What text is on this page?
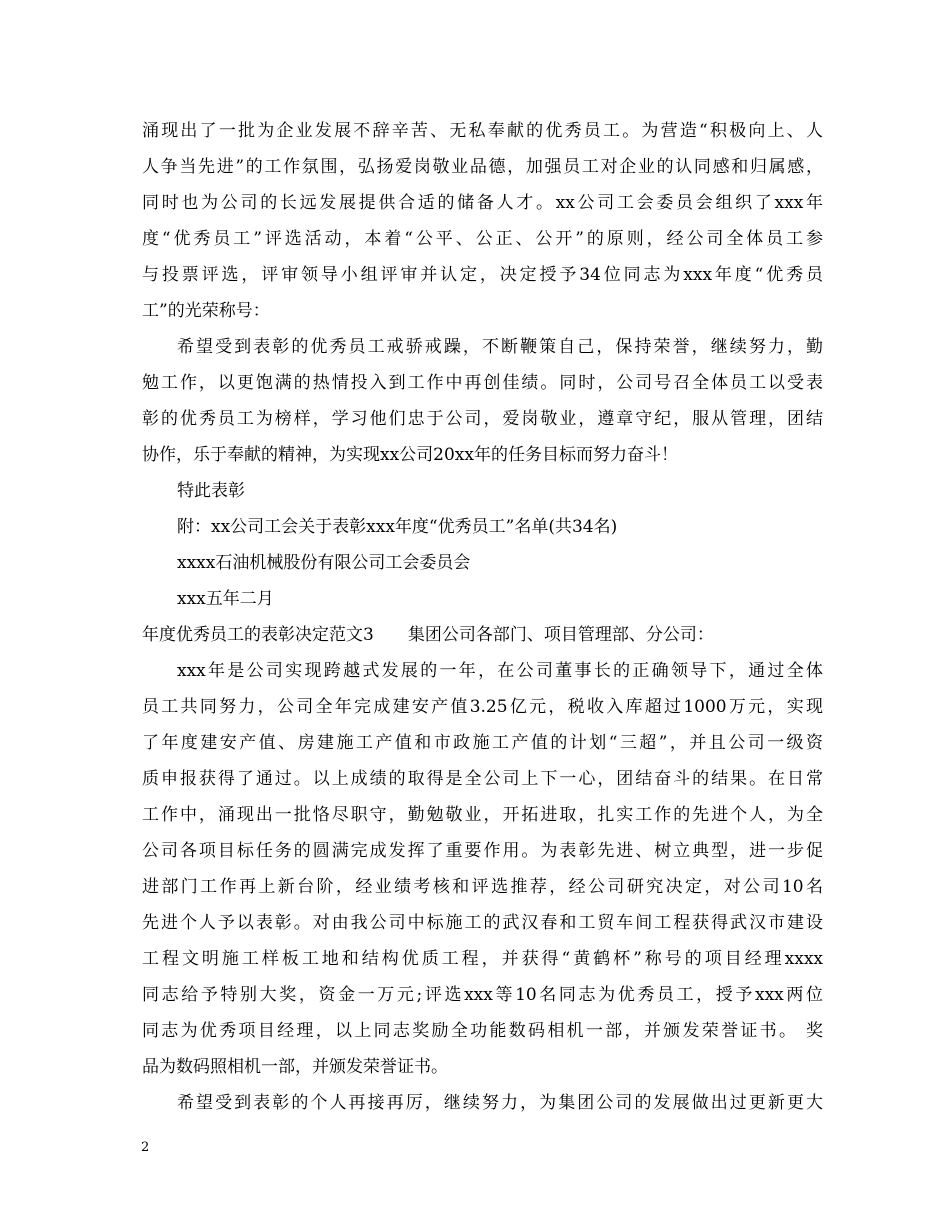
涌现出了一批为企业发展不辞辛苦、无私奉献的优秀员工。为营造“积极向上、人
人争当先进”的工作氛围，弘扬爱岗敬业品德，加强员工对企业的认同感和归属感，
同时也为公司的长远发展提供合适的储备人才。xx公司工会委员会组织了xxx年
度“优秀员工”评选活动，本着“公平、公正、公开”的原则，经公司全体员工参
与投票评选，评审领导小组评审并认定，决定授予34位同志为xxx年度“优秀员
工”的光荣称号：
希望受到表彰的优秀员工戒骄戒躁，不断鞭策自己，保持荣誉，继续努力，勤
勉工作，以更饱满的热情投入到工作中再创佳绩。同时，公司号召全体员工以受表
彰的优秀员工为榜样，学习他们忠于公司，爱岗敬业，遵章守纪，服从管理，团结
协作，乐于奉献的精神，为实现xx公司20xx年的任务目标而努力奋斗！
特此表彰
附：xx公司工会关于表彰xxx年度“优秀员工”名单(共34名)
xxxx石油机械股份有限公司工会委员会
xxx五年二月
年度优秀员工的表彰决定范文3　　集团公司各部门、项目管理部、分公司：
xxx年是公司实现跨越式发展的一年，在公司董事长的正确领导下，通过全体
员工共同努力，公司全年完成建安产值3.25亿元，税收入库超过1000万元，实现
了年度建安产值、房建施工产值和市政施工产值的计划“三超”，并且公司一级资
质申报获得了通过。以上成绩的取得是全公司上下一心，团结奋斗的结果。在日常
工作中，涌现出一批恪尽职守，勤勉敬业，开拓进取，扎实工作的先进个人，为全
公司各项目标任务的圆满完成发挥了重要作用。为表彰先进、树立典型，进一步促
进部门工作再上新台阶，经业绩考核和评选推荐，经公司研究决定，对公司10名
先进个人予以表彰。对由我公司中标施工的武汉春和工贸车间工程获得武汉市建设
工程文明施工样板工地和结构优质工程，并获得“黄鹤杯”称号的项目经理xxxx
同志给予特别大奖，资金一万元;评选xxx等10名同志为优秀员工，授予xxx两位
同志为优秀项目经理，以上同志奖励全功能数码相机一部，并颁发荣誉证书。 奖
品为数码照相机一部，并颁发荣誉证书。
希望受到表彰的个人再接再厉，继续努力，为集团公司的发展做出过更新更大
2
